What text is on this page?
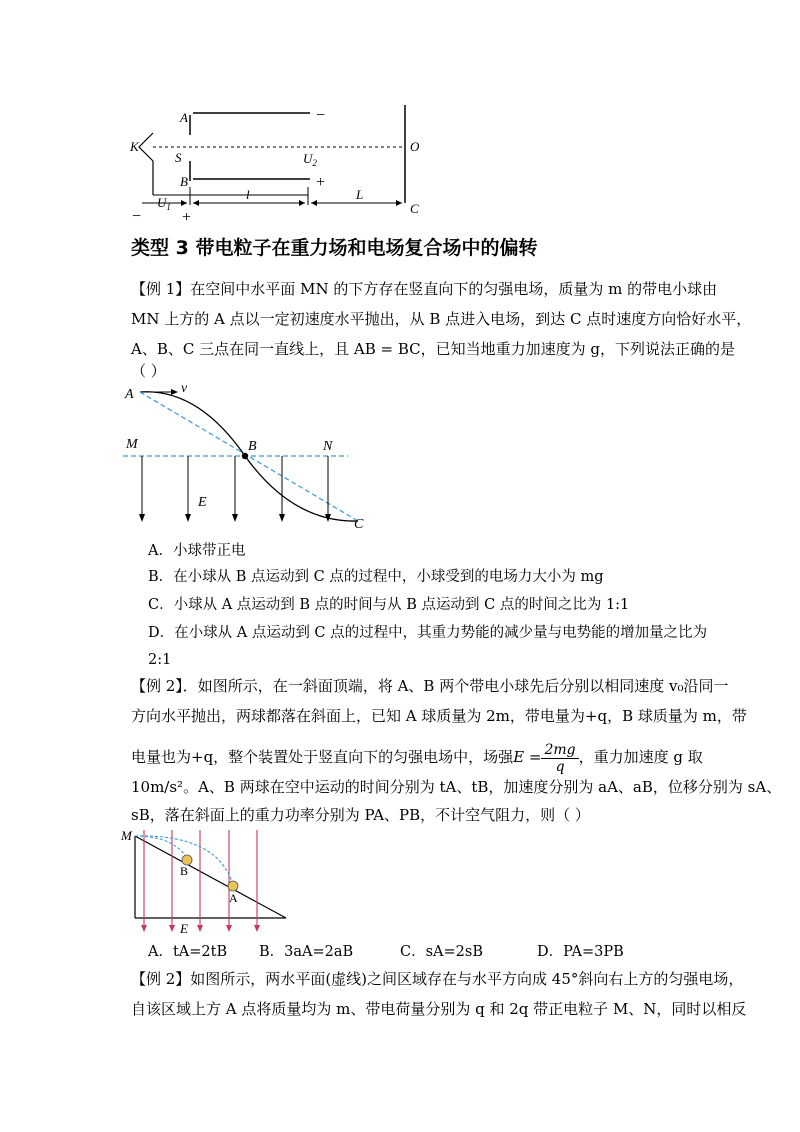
A	−
K
S	$U_2$
O
B	+
−
$U_1$
+
l	L
C
类型 3 带电粒子在重力场和电场复合场中的偏转
【例 1】在空间中水平面 MN 的下方存在竖直向下的匀强电场，质量为 m 的带电小球由
MN 上方的 A 点以一定初速度水平抛出，从 B 点进入电场，到达 C 点时速度方向恰好水平，
A、B、C 三点在同一直线上，且 AB = BC，已知当地重力加速度为 g，下列说法正确的是
（ ）
A	v
M	B	N
E
C
A．小球带正电
B．在小球从 B 点运动到 C 点的过程中，小球受到的电场力大小为 mg
C．小球从 A 点运动到 B 点的时间与从 B 点运动到 C 点的时间之比为 1:1
D．在小球从 A 点运动到 C 点的过程中，其重力势能的减少量与电势能的增加量之比为
2:1
【例 2】．如图所示，在一斜面顶端，将 A、B 两个带电小球先后分别以相同速度 v₀沿同一
方向水平抛出，两球都落在斜面上，已知 A 球质量为 2m，带电量为+q，B 球质量为 m，带
电量也为+q，整个装置处于竖直向下的匀强电场中，场强$E = \frac{2mg}{q}$ ，重力加速度 g 取
10m/s²。A、B 两球在空中运动的时间分别为 tA、tB，加速度分别为 aA、aB，位移分别为 sA、
sB，落在斜面上的重力功率分别为 PA、PB，不计空气阻力，则（ ）
M
B
A
E
A．tA=2tB B．3aA=2aB	C．sA=2sB	D．PA=3PB
【例 2】如图所示，两水平面(虚线)之间区域存在与水平方向成 45°斜向右上方的匀强电场，
自该区域上方 A 点将质量均为 m、带电荷量分别为 q 和 2q 带正电粒子 M、N，同时以相反
